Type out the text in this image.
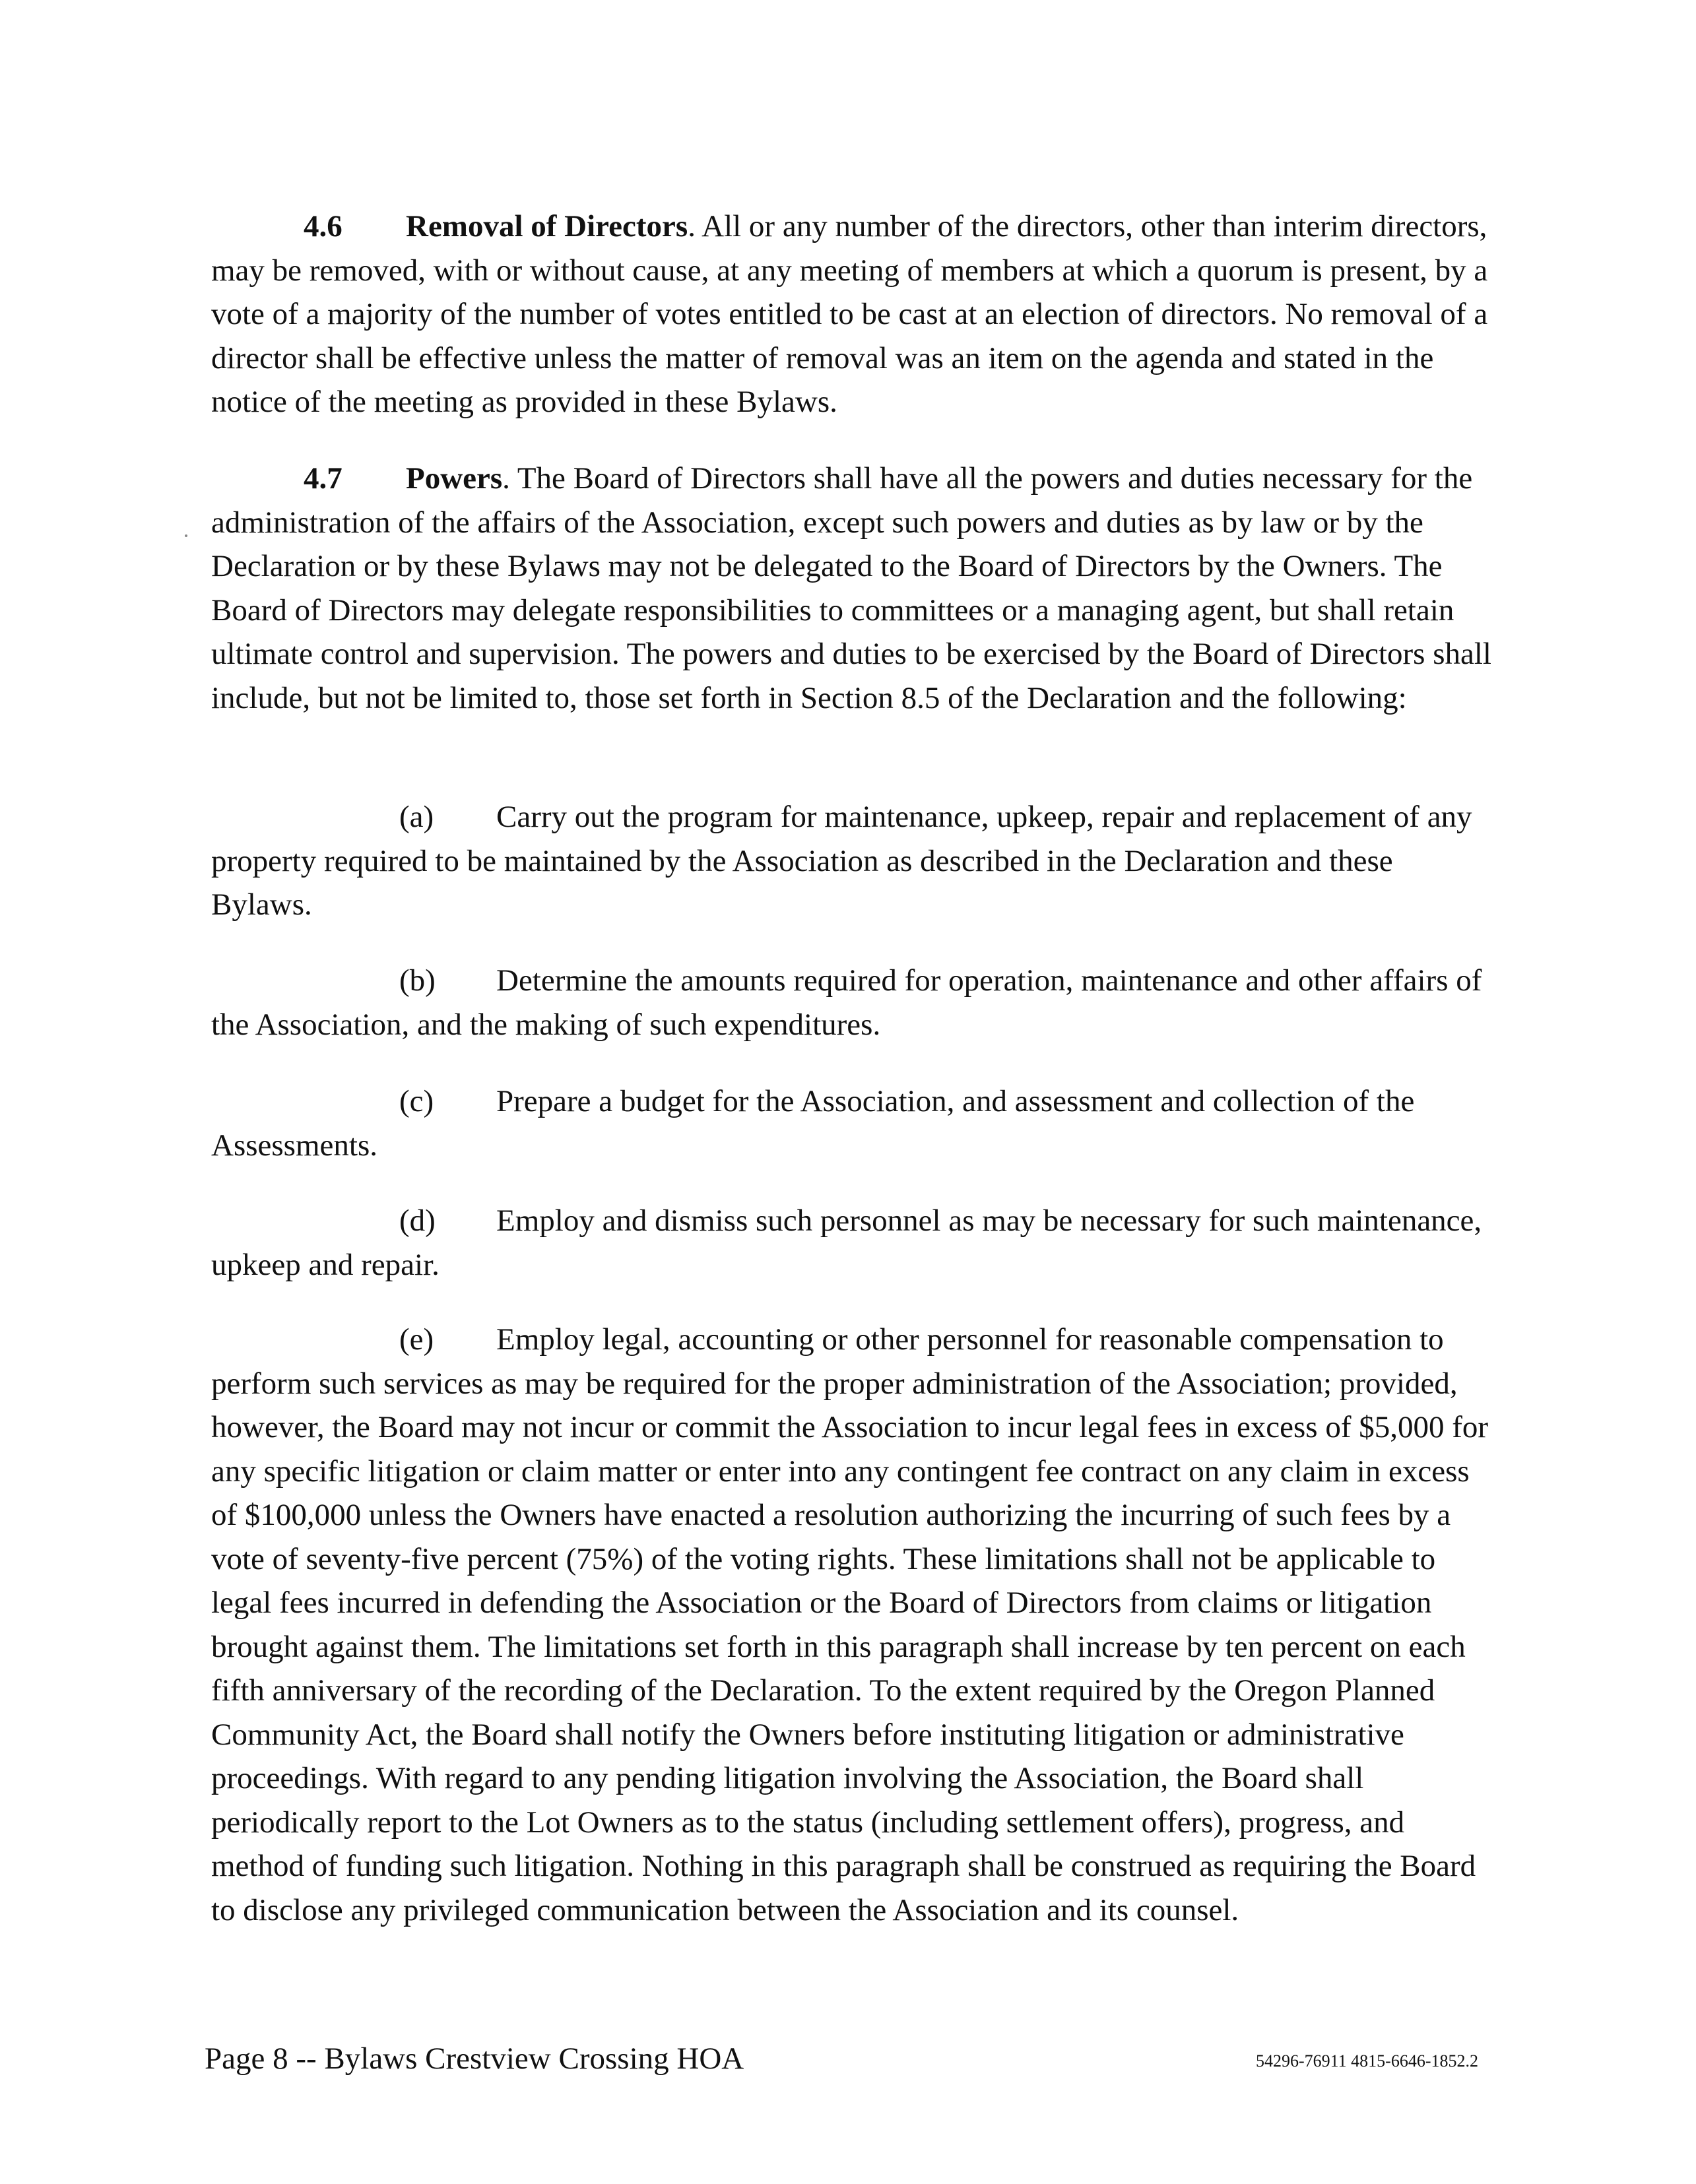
4.6 Removal of Directors. All or any number of the directors, other than interim directors, may be removed, with or without cause, at any meeting of members at which a quorum is present, by a vote of a majority of the number of votes entitled to be cast at an election of directors. No removal of a director shall be effective unless the matter of removal was an item on the agenda and stated in the notice of the meeting as provided in these Bylaws.

4.7 Powers. The Board of Directors shall have all the powers and duties necessary for the administration of the affairs of the Association, except such powers and duties as by law or by the Declaration or by these Bylaws may not be delegated to the Board of Directors by the Owners. The Board of Directors may delegate responsibilities to committees or a managing agent, but shall retain ultimate control and supervision. The powers and duties to be exercised by the Board of Directors shall include, but not be limited to, those set forth in Section 8.5 of the Declaration and the following:

(a) Carry out the program for maintenance, upkeep, repair and replacement of any property required to be maintained by the Association as described in the Declaration and these Bylaws.

(b) Determine the amounts required for operation, maintenance and other affairs of the Association, and the making of such expenditures.

(c) Prepare a budget for the Association, and assessment and collection of the Assessments.

(d) Employ and dismiss such personnel as may be necessary for such maintenance, upkeep and repair.

(e) Employ legal, accounting or other personnel for reasonable compensation to perform such services as may be required for the proper administration of the Association; provided, however, the Board may not incur or commit the Association to incur legal fees in excess of $5,000 for any specific litigation or claim matter or enter into any contingent fee contract on any claim in excess of $100,000 unless the Owners have enacted a resolution authorizing the incurring of such fees by a vote of seventy-five percent (75%) of the voting rights. These limitations shall not be applicable to legal fees incurred in defending the Association or the Board of Directors from claims or litigation brought against them. The limitations set forth in this paragraph shall increase by ten percent on each fifth anniversary of the recording of the Declaration. To the extent required by the Oregon Planned Community Act, the Board shall notify the Owners before instituting litigation or administrative proceedings. With regard to any pending litigation involving the Association, the Board shall periodically report to the Lot Owners as to the status (including settlement offers), progress, and method of funding such litigation. Nothing in this paragraph shall be construed as requiring the Board to disclose any privileged communication between the Association and its counsel.

Page 8 -- Bylaws Crestview Crossing HOA	54296-76911 4815-6646-1852.2
